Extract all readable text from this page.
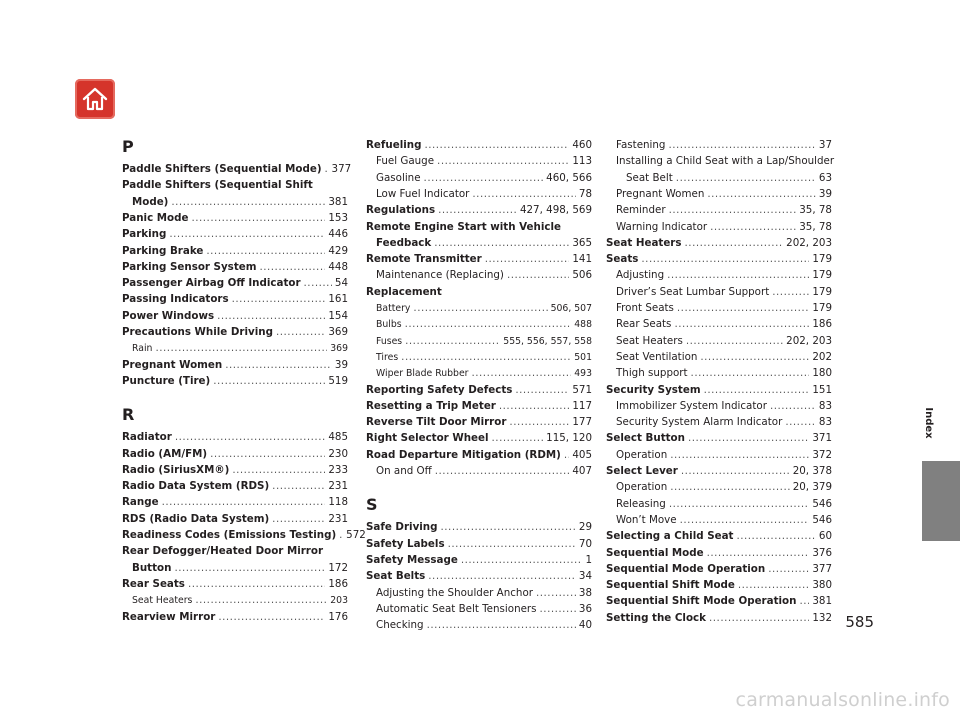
P
Paddle Shifters (Sequential Mode) ..... 377
Paddle Shifters (Sequential Shift
Mode) .....	381
Panic Mode .....	153
Parking .....	446
Parking Brake .....	429
Parking Sensor System .....	448
Passenger Airbag Off Indicator .....	54
Passing Indicators .....	161
Power Windows .....	154
Precautions While Driving .....	369
Rain .....	369
Pregnant Women .....	39
Puncture (Tire) .....	519
R
Radiator .....	485
Radio (AM/FM) .....	230
Radio (SiriusXM®) .....	233
Radio Data System (RDS) .....	231
Range .....	118
RDS (Radio Data System) .....	231
Readiness Codes (Emissions Testing) ..... 572
Rear Defogger/Heated Door Mirror
Button .....	172
Rear Seats .....	186
Seat Heaters .....	203
Rearview Mirror .....	176
Refueling .....	460
Fuel Gauge .....	113
Gasoline .....	460, 566
Low Fuel Indicator .....	78
Regulations .....	427, 498, 569
Remote Engine Start with Vehicle
Feedback .....	365
Remote Transmitter .....	141
Maintenance (Replacing) .....	506
Replacement
Battery .....	506, 507
Bulbs .....	488
Fuses .....	555, 556, 557, 558
Tires .....	501
Wiper Blade Rubber .....	493
Reporting Safety Defects .....	571
Resetting a Trip Meter .....	117
Reverse Tilt Door Mirror .....	177
Right Selector Wheel .....	115, 120
Road Departure Mitigation (RDM) ..... 405
On and Off .....	407
S
Safe Driving .....	29
Safety Labels .....	70
Safety Message .....	1
Seat Belts .....	34
Adjusting the Shoulder Anchor .....	38
Automatic Seat Belt Tensioners .....	36
Checking .....	40
Fastening .....	37
Installing a Child Seat with a Lap/Shoulder
Seat Belt .....	63
Pregnant Women .....	39
Reminder .....	35, 78
Warning Indicator .....	35, 78
Seat Heaters .....	202, 203
Seats .....	179
Adjusting .....	179
Driver’s Seat Lumbar Support .....	179
Front Seats .....	179
Rear Seats .....	186
Seat Heaters .....	202, 203
Seat Ventilation .....	202
Thigh support .....	180
Security System .....	151
Immobilizer System Indicator .....	83
Security System Alarm Indicator .....	83
Select Button .....	371
Operation .....	372
Select Lever .....	20, 378
Operation .....	20, 379
Releasing .....	546
Won’t Move .....	546
Selecting a Child Seat .....	60
Sequential Mode .....	376
Sequential Mode Operation .....	377
Sequential Shift Mode .....	380
Sequential Shift Mode Operation ..... 381
Setting the Clock .....	132
Index
585
carmanualsonline.info
